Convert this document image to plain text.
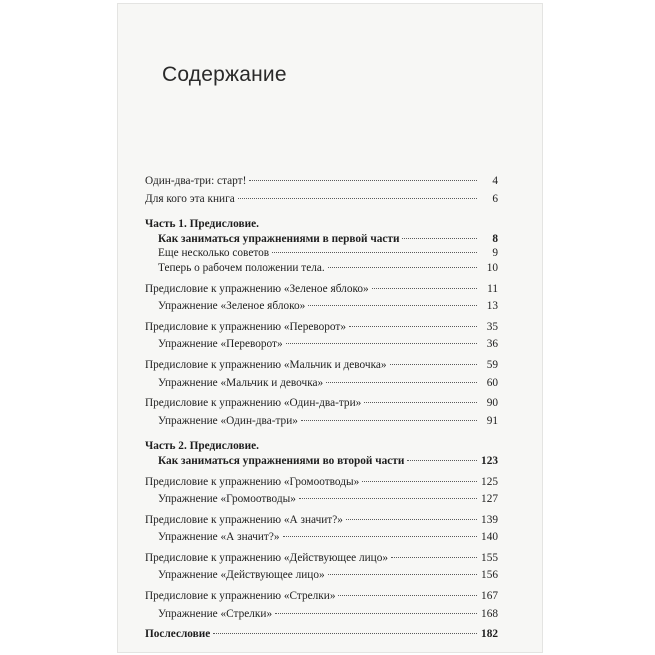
Содержание
Один-два-три: старт!	4
Для кого эта книга	6
Часть 1. Предисловие.
Как заниматься упражнениями в первой части	8
Еще несколько советов	9
Теперь о рабочем положении тела.	10
Предисловие к упражнению «Зеленое яблоко»	11
Упражнение «Зеленое яблоко»	13
Предисловие к упражнению «Переворот»	35
Упражнение «Переворот»	36
Предисловие к упражнению «Мальчик и девочка»	59
Упражнение «Мальчик и девочка»	60
Предисловие к упражнению «Один-два-три»	90
Упражнение «Один-два-три»	91
Часть 2. Предисловие.
Как заниматься упражнениями во второй части	123
Предисловие к упражнению «Громоотводы»	125
Упражнение «Громоотводы»	127
Предисловие к упражнению «А значит?»	139
Упражнение «А значит?»	140
Предисловие к упражнению «Действующее лицо»	155
Упражнение «Действующее лицо»	156
Предисловие к упражнению «Стрелки»	167
Упражнение «Стрелки»	168
Послесловие	182
